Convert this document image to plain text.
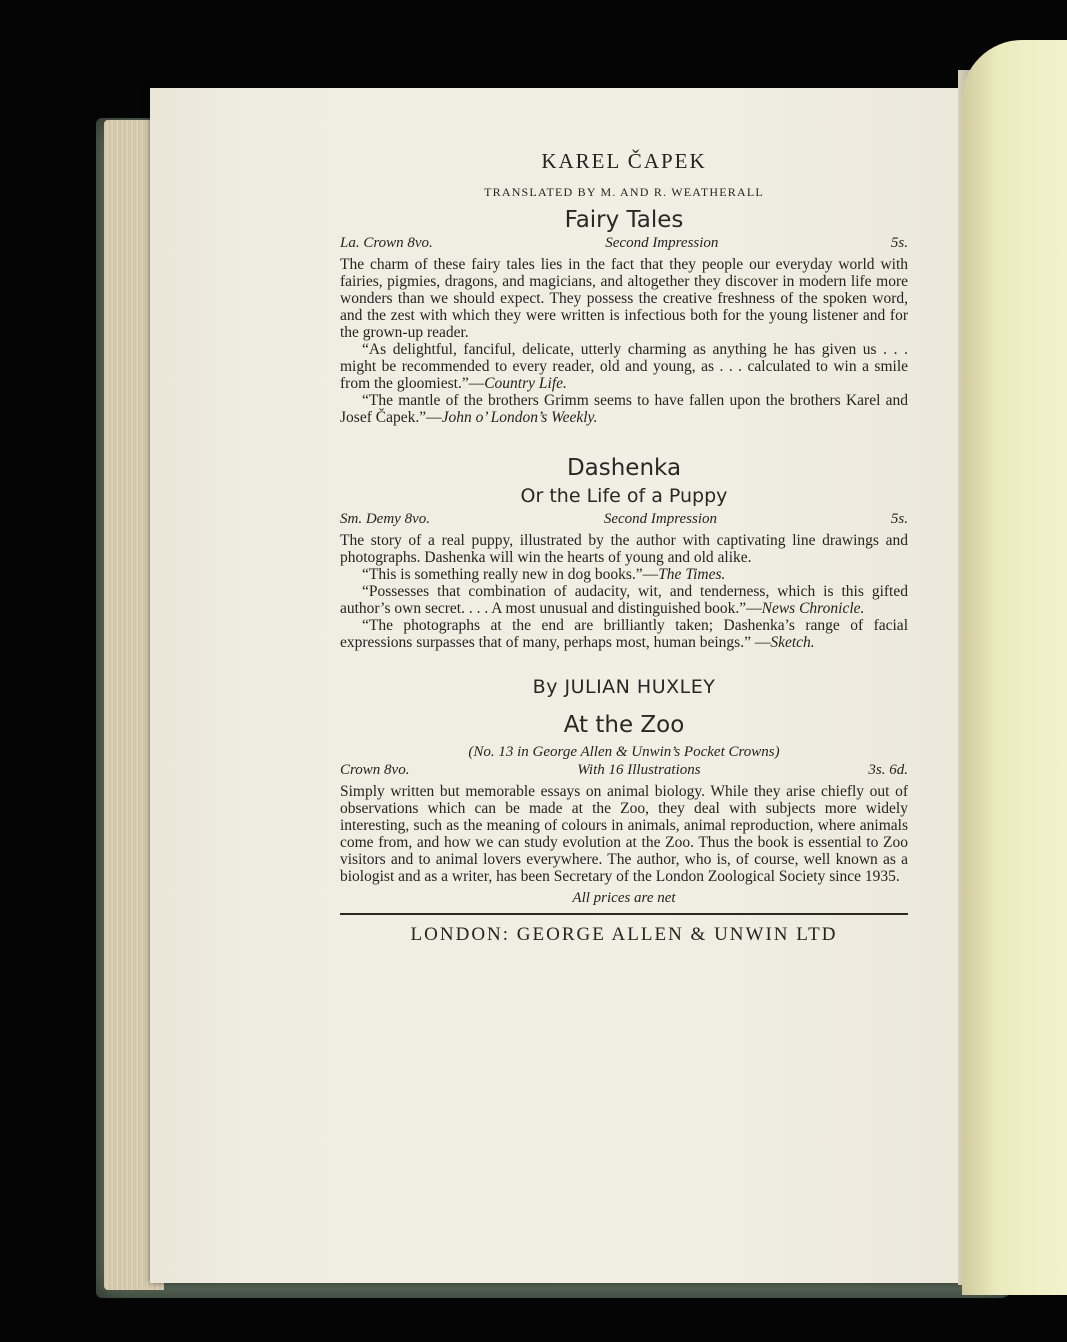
KAREL ČAPEK
TRANSLATED BY M. AND R. WEATHERALL
Fairy Tales
La. Crown 8vo.	Second Impression	5s.

The charm of these fairy tales lies in the fact that they people our everyday world with fairies, pigmies, dragons, and magicians, and altogether they discover in modern life more wonders than we should expect. They possess the creative freshness of the spoken word, and the zest with which they were written is infectious both for the young listener and for the grown-up reader.

“As delightful, fanciful, delicate, utterly charming as anything he has given us . . . might be recommended to every reader, old and young, as . . . calculated to win a smile from the gloomiest.”—Country Life.

“The mantle of the brothers Grimm seems to have fallen upon the brothers Karel and Josef Čapek.”—John o’ London’s Weekly.

Dashenka
Or the Life of a Puppy
Sm. Demy 8vo.	Second Impression	5s.

The story of a real puppy, illustrated by the author with captivating line drawings and photographs. Dashenka will win the hearts of young and old alike.

“This is something really new in dog books.”—The Times.

“Possesses that combination of audacity, wit, and tenderness, which is this gifted author’s own secret. . . . A most unusual and distinguished book.”—News Chronicle.

“The photographs at the end are brilliantly taken; Dashenka’s range of facial expressions surpasses that of many, perhaps most, human beings.” —Sketch.

By JULIAN HUXLEY
At the Zoo
(No. 13 in George Allen & Unwin’s Pocket Crowns)
Crown 8vo.	With 16 Illustrations	3s. 6d.

Simply written but memorable essays on animal biology. While they arise chiefly out of observations which can be made at the Zoo, they deal with subjects more widely interesting, such as the meaning of colours in animals, animal reproduction, where animals come from, and how we can study evolution at the Zoo. Thus the book is essential to Zoo visitors and to animal lovers everywhere. The author, who is, of course, well known as a biologist and as a writer, has been Secretary of the London Zoological Society since 1935.

All prices are net
LONDON: GEORGE ALLEN & UNWIN LTD
